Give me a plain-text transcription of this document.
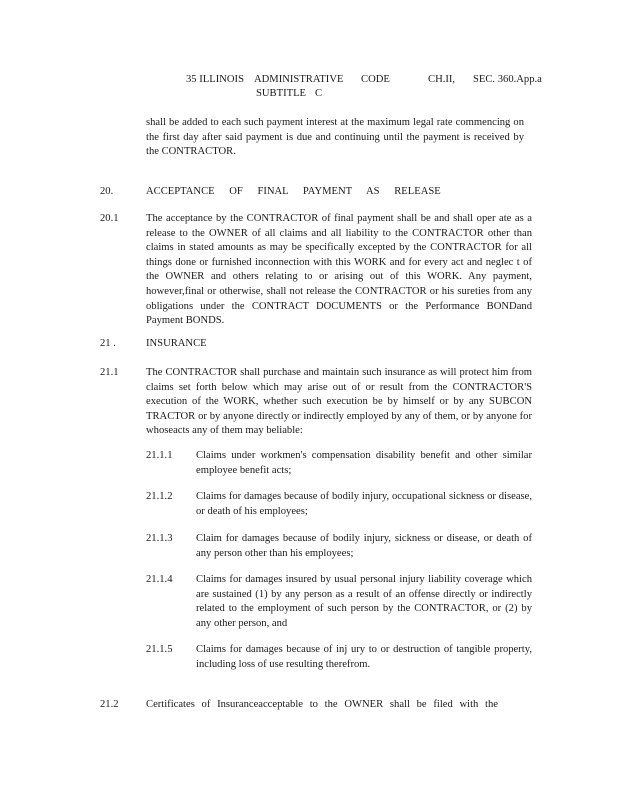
35 ILLINOIS ADMINISTRATIVE	CODE	CH.II,	SEC. 360.App.a
SUBTITLE C
shall be added to each such payment interest at the maximum legal rate commencing on the first day after said payment is due and continuing until the payment is received by the CONTRACTOR.
20.	ACCEPTANCE OF FINAL PAYMENT AS RELEASE
20.1	The acceptance by the CONTRACTOR of final payment shall be and shall oper ate as a release to the OWNER of all claims and all liability to the CONTRACTOR other than claims in stated amounts as may be specifically excepted by the CONTRACTOR for all things done or furnished inconnection with this WORK and for every act and neglec t of the OWNER and others relating to or arising out of this WORK. Any payment, however,final or otherwise, shall not release the CONTRACTOR or his sureties from any obligations under the CONTRACT DOCUMENTS or the Performance BONDand Payment BONDS.
21 .	INSURANCE
21.1	The CONTRACTOR shall purchase and maintain such insurance as will protect him from claims set forth below which may arise out of or result from the CONTRACTOR'S execution of the WORK, whether such execution be by himself or by any SUBCON TRACTOR or by anyone directly or indirectly employed by any of them, or by anyone for whoseacts any of them may beliable:
21.1.1 Claims under workmen's compensation disability benefit and other similar employee benefit acts;
21.1.2 Claims for damages because of bodily injury, occupational sickness or disease, or death of his employees;
21.1.3 Claim for damages because of bodily injury, sickness or disease, or death of any person other than his employees;
21.1.4 Claims for damages insured by usual personal injury liability coverage which are sustained (1) by any person as a result of an offense directly or indirectly related to the employment of such person by the CONTRACTOR, or (2) by any other person, and
21.1.5 Claims for damages because of inj ury to or destruction of tangible property, including loss of use resulting therefrom.
21.2	Certificates of Insuranceacceptable to the OWNER shall be filed with the
